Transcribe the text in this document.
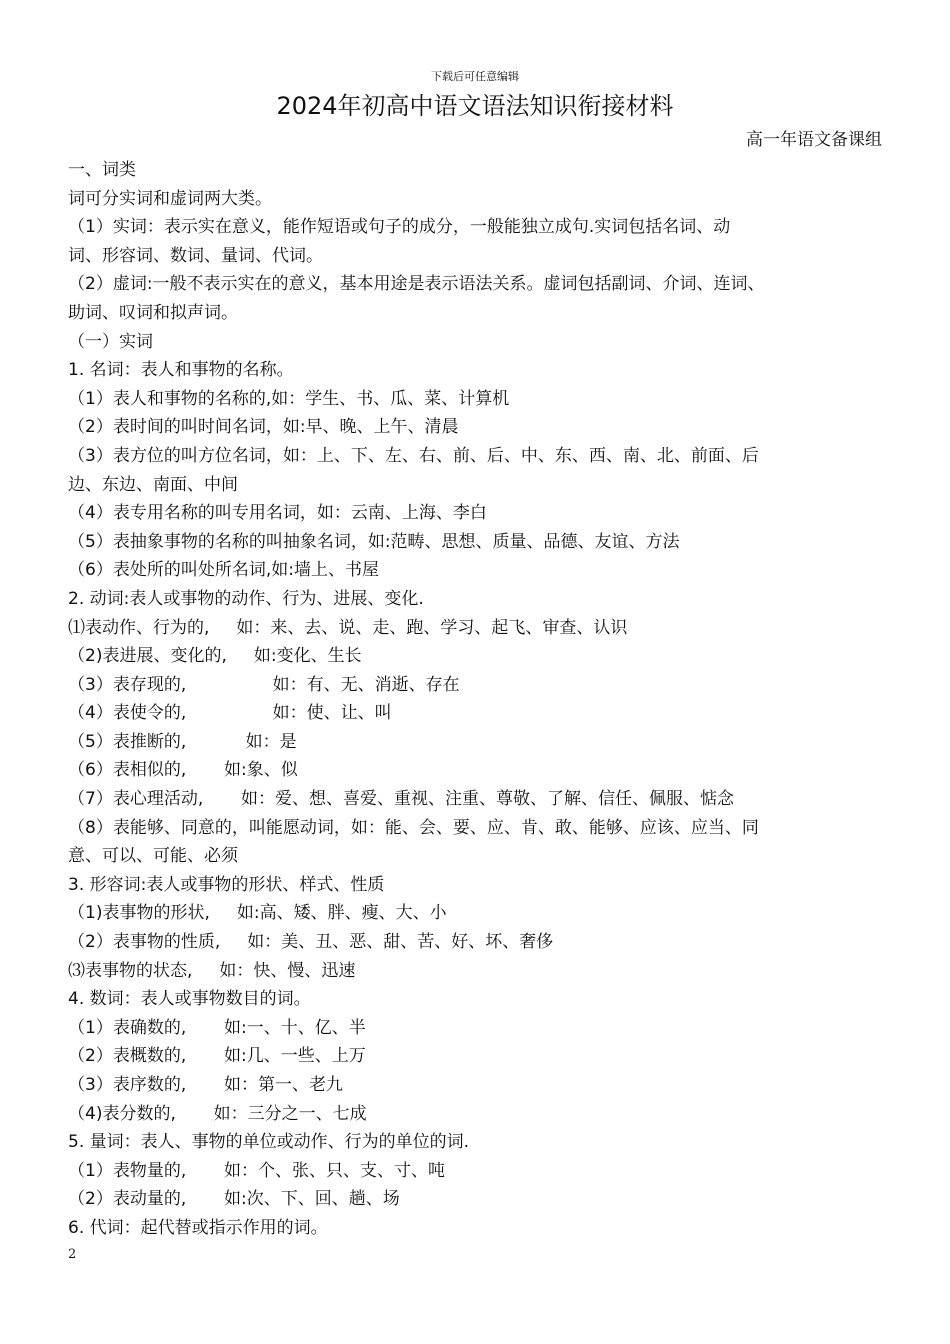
下载后可任意编辑
2024年初高中语文语法知识衔接材料
高一年语文备课组
一、词类
词可分实词和虚词两大类。
（1）实词：表示实在意义，能作短语或句子的成分，一般能独立成句.实词包括名词、动
词、形容词、数词、量词、代词。
（2）虚词:一般不表示实在的意义，基本用途是表示语法关系。虚词包括副词、介词、连词、
助词、叹词和拟声词。
（一）实词
1. 名词：表人和事物的名称。
（1）表人和事物的名称的,如：学生、书、瓜、菜、计算机
（2）表时间的叫时间名词，如:早、晚、上午、清晨
（3）表方位的叫方位名词，如：上、下、左、右、前、后、中、东、西、南、北、前面、后
边、东边、南面、中间
（4）表专用名称的叫专用名词，如：云南、上海、李白
（5）表抽象事物的名称的叫抽象名词，如:范畴、思想、质量、品德、友谊、方法
（6）表处所的叫处所名词,如:墙上、书屋
2. 动词:表人或事物的动作、行为、进展、变化.
⑴表动作、行为的,     如：来、去、说、走、跑、学习、起飞、审查、认识
（2)表进展、变化的,     如:变化、生长
（3）表存现的,                如：有、无、消逝、存在
（4）表使令的,                如：使、让、叫
（5）表推断的,           如：是
（6）表相似的,       如:象、似
（7）表心理活动,       如：爱、想、喜爱、重视、注重、尊敬、了解、信任、佩服、惦念
（8）表能够、同意的，叫能愿动词，如：能、会、要、应、肯、敢、能够、应该、应当、同
意、可以、可能、必须
3. 形容词:表人或事物的形状、样式、性质
（1)表事物的形状,     如:高、矮、胖、瘦、大、小
（2）表事物的性质,     如：美、丑、恶、甜、苦、好、坏、奢侈
⑶表事物的状态,     如：快、慢、迅速
4. 数词：表人或事物数目的词。
（1）表确数的,       如:一、十、亿、半
（2）表概数的,       如:几、一些、上万
（3）表序数的,       如：第一、老九
（4)表分数的,       如：三分之一、七成
5. 量词：表人、事物的单位或动作、行为的单位的词.
（1）表物量的,       如：个、张、只、支、寸、吨
（2）表动量的,       如:次、下、回、趟、场
6. 代词：起代替或指示作用的词。
2
